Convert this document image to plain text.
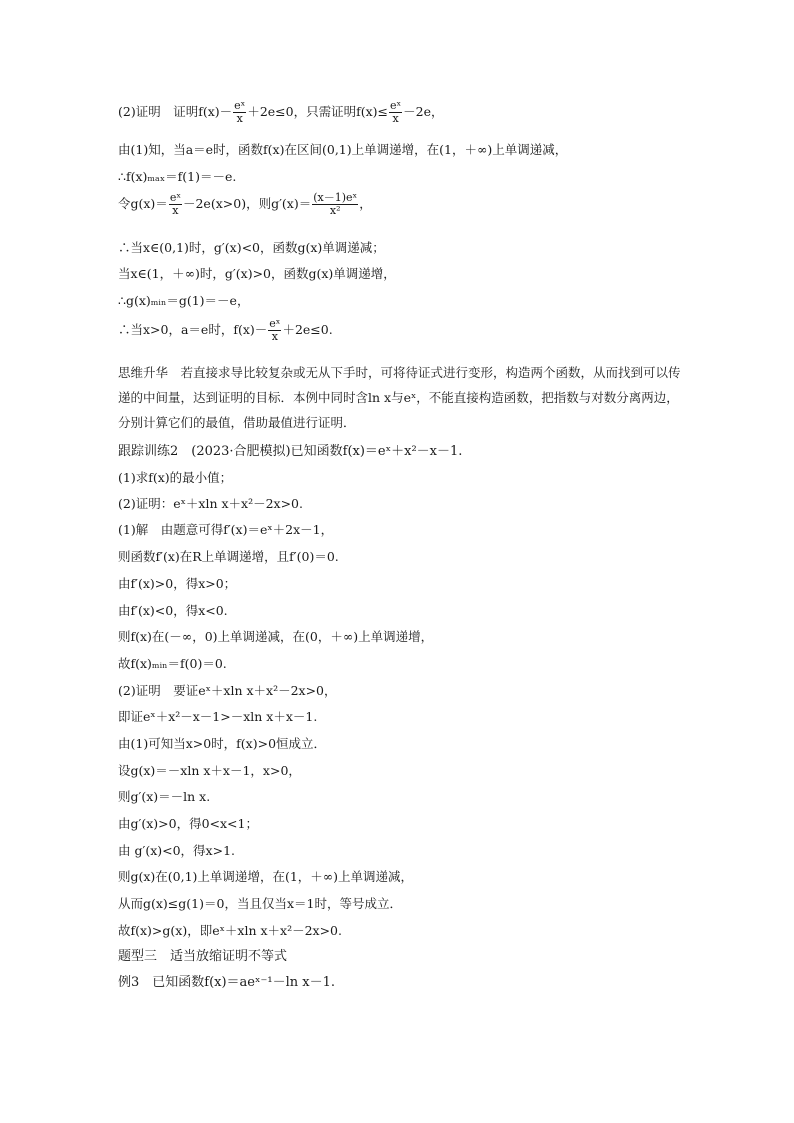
(2)证明　证明$f(x)- \frac{\text{eˣ}}{x} +2e\le 0$，只需证明$f(x)\le \frac{\text{eˣ}}{x} -2e$，
由(1)知，当a＝e时，函数f(x)在区间(0,1)上单调递增，在(1，＋∞)上单调递减，
∴f(x)ₘₐₓ＝f(1)＝－e.
令$g(x)= \frac{\text{eˣ}}{x} -2e(x>0)$，则$g'(x)= \frac{\text{(x－1)eˣ}}{\text{x²}}$ ，
∴当x∈(0,1)时，g′(x)<0，函数g(x)单调递减；
当x∈(1，＋∞)时，g′(x)>0，函数g(x)单调递增，
∴g(x)ₘᵢₙ＝g(1)＝－e，
∴当x>0，a＝e时，$f(x)- \frac{\text{eˣ}}{x} +2e\le 0$.
思维升华　若直接求导比较复杂或无从下手时，可将待证式进行变形，构造两个函数，从而找到可以传递的中间量，达到证明的目标．本例中同时含ln x与eˣ，不能直接构造函数，把指数与对数分离两边，分别计算它们的最值，借助最值进行证明．
跟踪训练2　(2023·合肥模拟)已知函数f(x)＝eˣ＋x²－x－1.
(1)求f(x)的最小值；
(2)证明：eˣ＋xln x＋x²－2x>0.
(1)解　由题意可得f′(x)＝eˣ＋2x－1，
则函数f′(x)在R上单调递增，且f′(0)＝0.
由f′(x)>0，得x>0；
由f′(x)<0，得x<0.
则f(x)在(－∞，0)上单调递减，在(0，＋∞)上单调递增，
故f(x)ₘᵢₙ＝f(0)＝0.
(2)证明　要证eˣ＋xln x＋x²－2x>0，
即证eˣ＋x²－x－1>－xln x＋x－1.
由(1)可知当x>0时，f(x)>0恒成立．
设g(x)＝－xln x＋x－1，x>0，
则g′(x)＝－ln x.
由g′(x)>0，得0<x<1；
由 g′(x)<0，得x>1.
则g(x)在(0,1)上单调递增，在(1，＋∞)上单调递减，
从而g(x)≤g(1)＝0，当且仅当x＝1时，等号成立．
故f(x)>g(x)，即eˣ＋xln x＋x²－2x>0.
题型三　适当放缩证明不等式
例3　已知函数f(x)＝aeˣ⁻¹－ln x－1.
